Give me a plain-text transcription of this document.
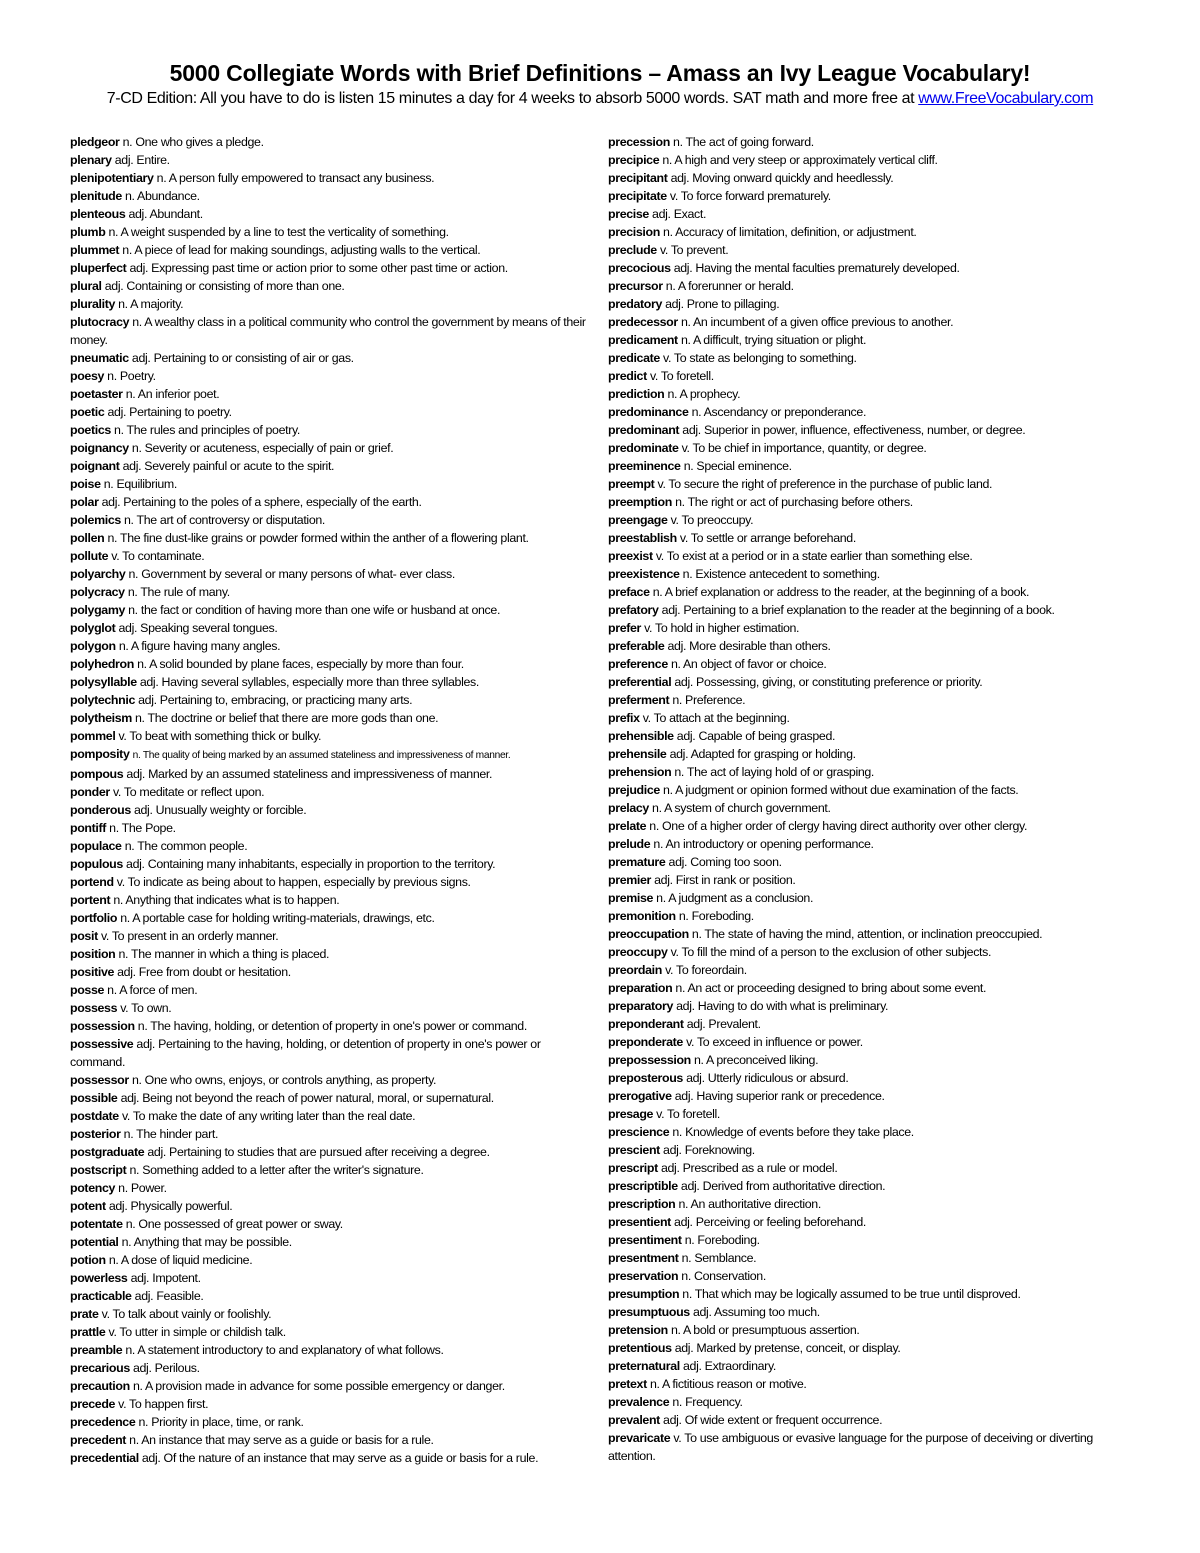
5000 Collegiate Words with Brief Definitions – Amass an Ivy League Vocabulary!
7-CD Edition: All you have to do is listen 15 minutes a day for 4 weeks to absorb 5000 words. SAT math and more free at www.FreeVocabulary.com
pledgeor n. One who gives a pledge.
plenary adj. Entire.
plenipotentiary n. A person fully empowered to transact any business.
plenitude n. Abundance.
plenteous adj. Abundant.
plumb n. A weight suspended by a line to test the verticality of something.
plummet n. A piece of lead for making soundings, adjusting walls to the vertical.
pluperfect adj. Expressing past time or action prior to some other past time or action.
plural adj. Containing or consisting of more than one.
plurality n. A majority.
plutocracy n. A wealthy class in a political community who control the government by means of their money.
pneumatic adj. Pertaining to or consisting of air or gas.
poesy n. Poetry.
poetaster n. An inferior poet.
poetic adj. Pertaining to poetry.
poetics n. The rules and principles of poetry.
poignancy n. Severity or acuteness, especially of pain or grief.
poignant adj. Severely painful or acute to the spirit.
poise n. Equilibrium.
polar adj. Pertaining to the poles of a sphere, especially of the earth.
polemics n. The art of controversy or disputation.
pollen n. The fine dust-like grains or powder formed within the anther of a flowering plant.
pollute v. To contaminate.
polyarchy n. Government by several or many persons of what- ever class.
polycracy n. The rule of many.
polygamy n. the fact or condition of having more than one wife or husband at once.
polyglot adj. Speaking several tongues.
polygon n. A figure having many angles.
polyhedron n. A solid bounded by plane faces, especially by more than four.
polysyllable adj. Having several syllables, especially more than three syllables.
polytechnic adj. Pertaining to, embracing, or practicing many arts.
polytheism n. The doctrine or belief that there are more gods than one.
pommel v. To beat with something thick or bulky.
pomposity n. The quality of being marked by an assumed stateliness and impressiveness of manner.
pompous adj. Marked by an assumed stateliness and impressiveness of manner.
ponder v. To meditate or reflect upon.
ponderous adj. Unusually weighty or forcible.
pontiff n. The Pope.
populace n. The common people.
populous adj. Containing many inhabitants, especially in proportion to the territory.
portend v. To indicate as being about to happen, especially by previous signs.
portent n. Anything that indicates what is to happen.
portfolio n. A portable case for holding writing-materials, drawings, etc.
posit v. To present in an orderly manner.
position n. The manner in which a thing is placed.
positive adj. Free from doubt or hesitation.
posse n. A force of men.
possess v. To own.
possession n. The having, holding, or detention of property in one's power or command.
possessive adj. Pertaining to the having, holding, or detention of property in one's power or command.
possessor n. One who owns, enjoys, or controls anything, as property.
possible adj. Being not beyond the reach of power natural, moral, or supernatural.
postdate v. To make the date of any writing later than the real date.
posterior n. The hinder part.
postgraduate adj. Pertaining to studies that are pursued after receiving a degree.
postscript n. Something added to a letter after the writer's signature.
potency n. Power.
potent adj. Physically powerful.
potentate n. One possessed of great power or sway.
potential n. Anything that may be possible.
potion n. A dose of liquid medicine.
powerless adj. Impotent.
practicable adj. Feasible.
prate v. To talk about vainly or foolishly.
prattle v. To utter in simple or childish talk.
preamble n. A statement introductory to and explanatory of what follows.
precarious adj. Perilous.
precaution n. A provision made in advance for some possible emergency or danger.
precede v. To happen first.
precedence n. Priority in place, time, or rank.
precedent n. An instance that may serve as a guide or basis for a rule.
precedential adj. Of the nature of an instance that may serve as a guide or basis for a rule.
precession n. The act of going forward.
precipice n. A high and very steep or approximately vertical cliff.
precipitant adj. Moving onward quickly and heedlessly.
precipitate v. To force forward prematurely.
precise adj. Exact.
precision n. Accuracy of limitation, definition, or adjustment.
preclude v. To prevent.
precocious adj. Having the mental faculties prematurely developed.
precursor n. A forerunner or herald.
predatory adj. Prone to pillaging.
predecessor n. An incumbent of a given office previous to another.
predicament n. A difficult, trying situation or plight.
predicate v. To state as belonging to something.
predict v. To foretell.
prediction n. A prophecy.
predominance n. Ascendancy or preponderance.
predominant adj. Superior in power, influence, effectiveness, number, or degree.
predominate v. To be chief in importance, quantity, or degree.
preeminence n. Special eminence.
preempt v. To secure the right of preference in the purchase of public land.
preemption n. The right or act of purchasing before others.
preengage v. To preoccupy.
preestablish v. To settle or arrange beforehand.
preexist v. To exist at a period or in a state earlier than something else.
preexistence n. Existence antecedent to something.
preface n. A brief explanation or address to the reader, at the beginning of a book.
prefatory adj. Pertaining to a brief explanation to the reader at the beginning of a book.
prefer v. To hold in higher estimation.
preferable adj. More desirable than others.
preference n. An object of favor or choice.
preferential adj. Possessing, giving, or constituting preference or priority.
preferment n. Preference.
prefix v. To attach at the beginning.
prehensible adj. Capable of being grasped.
prehensile adj. Adapted for grasping or holding.
prehension n. The act of laying hold of or grasping.
prejudice n. A judgment or opinion formed without due examination of the facts.
prelacy n. A system of church government.
prelate n. One of a higher order of clergy having direct authority over other clergy.
prelude n. An introductory or opening performance.
premature adj. Coming too soon.
premier adj. First in rank or position.
premise n. A judgment as a conclusion.
premonition n. Foreboding.
preoccupation n. The state of having the mind, attention, or inclination preoccupied.
preoccupy v. To fill the mind of a person to the exclusion of other subjects.
preordain v. To foreordain.
preparation n. An act or proceeding designed to bring about some event.
preparatory adj. Having to do with what is preliminary.
preponderant adj. Prevalent.
preponderate v. To exceed in influence or power.
prepossession n. A preconceived liking.
preposterous adj. Utterly ridiculous or absurd.
prerogative adj. Having superior rank or precedence.
presage v. To foretell.
prescience n. Knowledge of events before they take place.
prescient adj. Foreknowing.
prescript adj. Prescribed as a rule or model.
prescriptible adj. Derived from authoritative direction.
prescription n. An authoritative direction.
presentient adj. Perceiving or feeling beforehand.
presentiment n. Foreboding.
presentment n. Semblance.
preservation n. Conservation.
presumption n. That which may be logically assumed to be true until disproved.
presumptuous adj. Assuming too much.
pretension n. A bold or presumptuous assertion.
pretentious adj. Marked by pretense, conceit, or display.
preternatural adj. Extraordinary.
pretext n. A fictitious reason or motive.
prevalence n. Frequency.
prevalent adj. Of wide extent or frequent occurrence.
prevaricate v. To use ambiguous or evasive language for the purpose of deceiving or diverting attention.
